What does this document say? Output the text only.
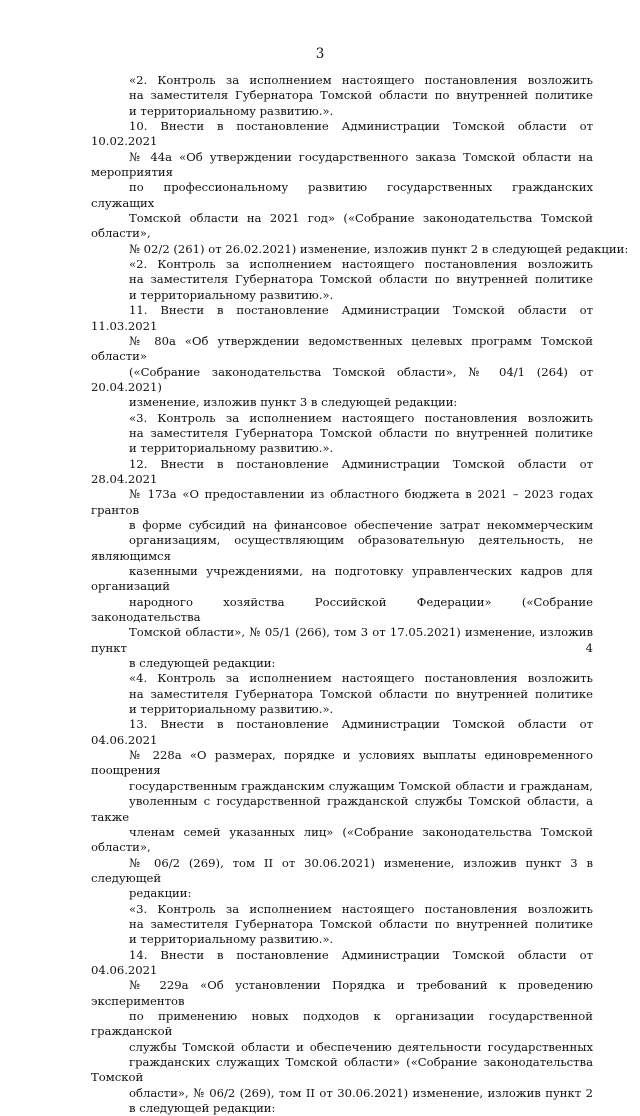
3

«2. Контроль за исполнением настоящего постановления возложить
на заместителя Губернатора Томской области по внутренней политике
и территориальному развитию.».

10. Внести в постановление Администрации Томской области от 10.02.2021
№ 44а «Об утверждении государственного заказа Томской области на мероприятия
по профессиональному развитию государственных гражданских служащих
Томской области на 2021 год» («Собрание законодательства Томской области»,
№ 02/2 (261) от 26.02.2021) изменение, изложив пункт 2 в следующей редакции:

«2. Контроль за исполнением настоящего постановления возложить
на заместителя Губернатора Томской области по внутренней политике
и территориальному развитию.».

11. Внести в постановление Администрации Томской области от 11.03.2021
№ 80а «Об утверждении ведомственных целевых программ Томской области»
(«Собрание законодательства Томской области», № 04/1 (264) от 20.04.2021)
изменение, изложив пункт 3 в следующей редакции:

«3. Контроль за исполнением настоящего постановления возложить
на заместителя Губернатора Томской области по внутренней политике
и территориальному развитию.».

12. Внести в постановление Администрации Томской области от 28.04.2021
№ 173а «О предоставлении из областного бюджета в 2021 – 2023 годах грантов
в форме субсидий на финансовое обеспечение затрат некоммерческим
организациям, осуществляющим образовательную деятельность, не являющимся
казенными учреждениями, на подготовку управленческих кадров для организаций
народного хозяйства Российской Федерации» («Собрание законодательства
Томской области», № 05/1 (266), том 3 от 17.05.2021) изменение, изложив пункт 4
в следующей редакции:

«4. Контроль за исполнением настоящего постановления возложить
на заместителя Губернатора Томской области по внутренней политике
и территориальному развитию.».

13. Внести в постановление Администрации Томской области от 04.06.2021
№ 228а «О размерах, порядке и условиях выплаты единовременного поощрения
государственным гражданским служащим Томской области и гражданам,
уволенным с государственной гражданской службы Томской области, а также
членам семей указанных лиц» («Собрание законодательства Томской области»,
№ 06/2 (269), том II от 30.06.2021) изменение, изложив пункт 3 в следующей
редакции:

«3. Контроль за исполнением настоящего постановления возложить
на заместителя Губернатора Томской области по внутренней политике
и территориальному развитию.».

14. Внести в постановление Администрации Томской области от 04.06.2021
№ 229а «Об установлении Порядка и требований к проведению экспериментов
по применению новых подходов к организации государственной гражданской
службы Томской области и обеспечению деятельности государственных
гражданских служащих Томской области» («Собрание законодательства Томской
области», № 06/2 (269), том II от 30.06.2021) изменение, изложив пункт 2
в следующей редакции:
